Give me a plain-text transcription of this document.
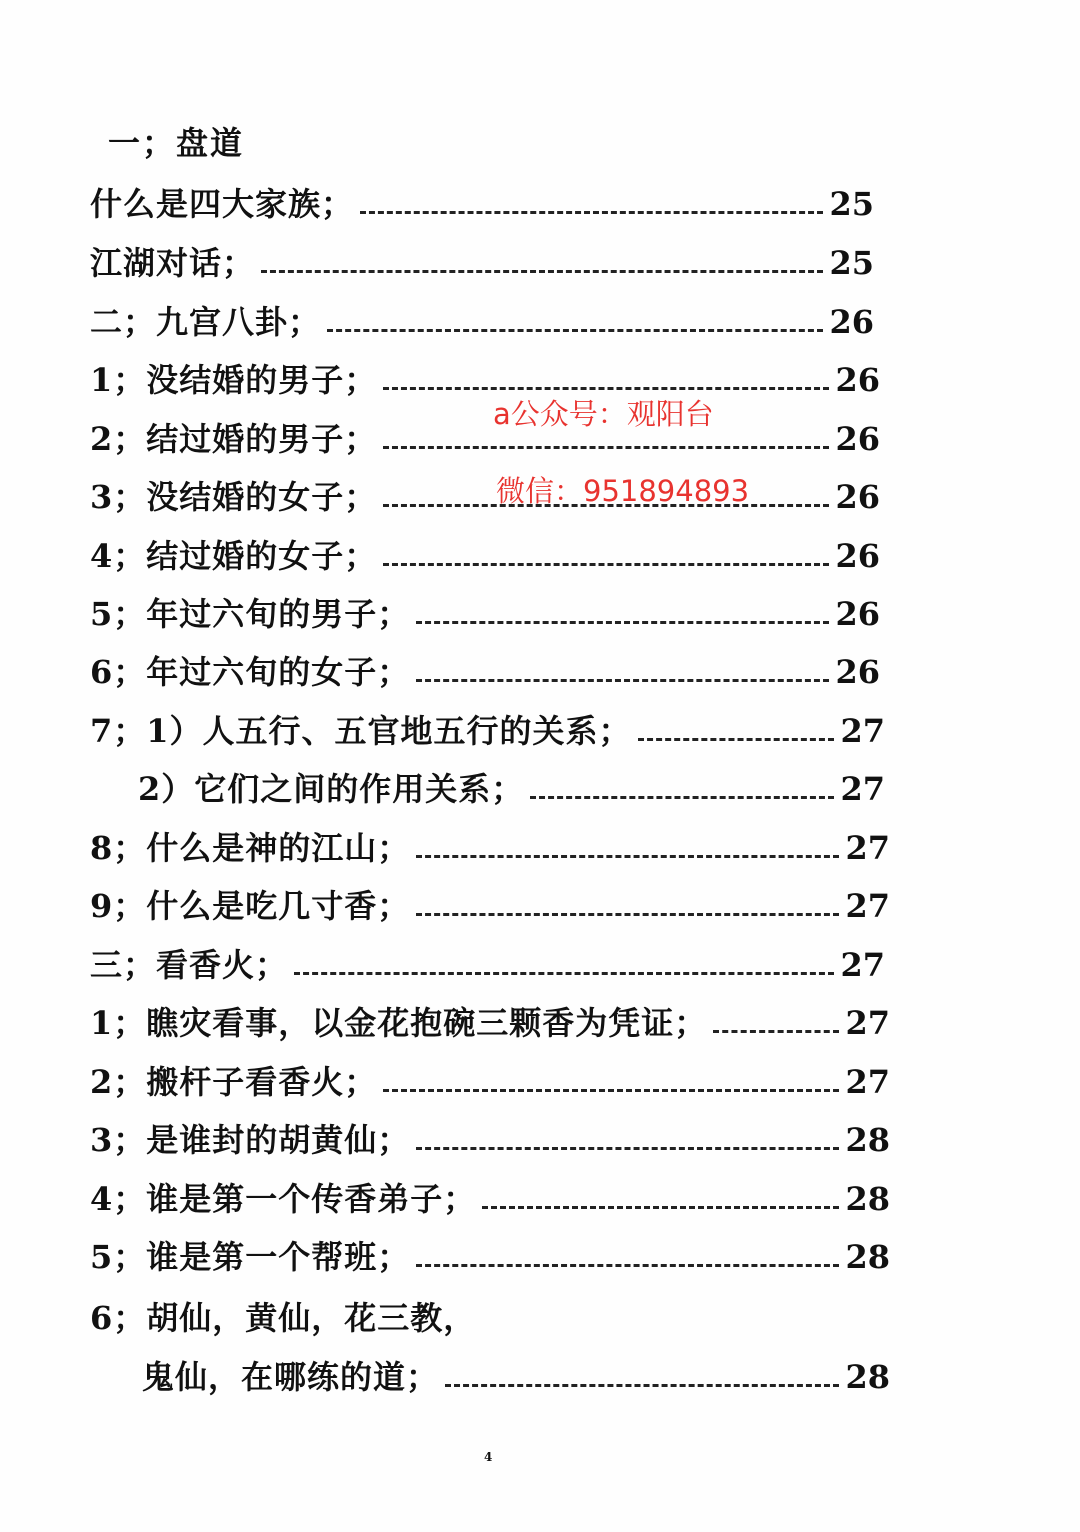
一；盘道
什么是四大家族；	25
江湖对话；	25
二；九宫八卦；	26
1；没结婚的男子；	26
2；结过婚的男子；	26
3；没结婚的女子；	26
4；结过婚的女子；	26
5；年过六旬的男子；	26
6；年过六旬的女子；	26
7；1）人五行、五官地五行的关系；	27
2）它们之间的作用关系；	27
8；什么是神的江山；	27
9；什么是吃几寸香；	27
三；看香火；	27
1；瞧灾看事，以金花抱碗三颗香为凭证；	27
2；搬杆子看香火；	27
3；是谁封的胡黄仙；	28
4；谁是第一个传香弟子；	28
5；谁是第一个帮班；	28
6；胡仙，黄仙，花三教，
鬼仙，在哪练的道；	28
a公众号：观阳台
微信：951894893
4
